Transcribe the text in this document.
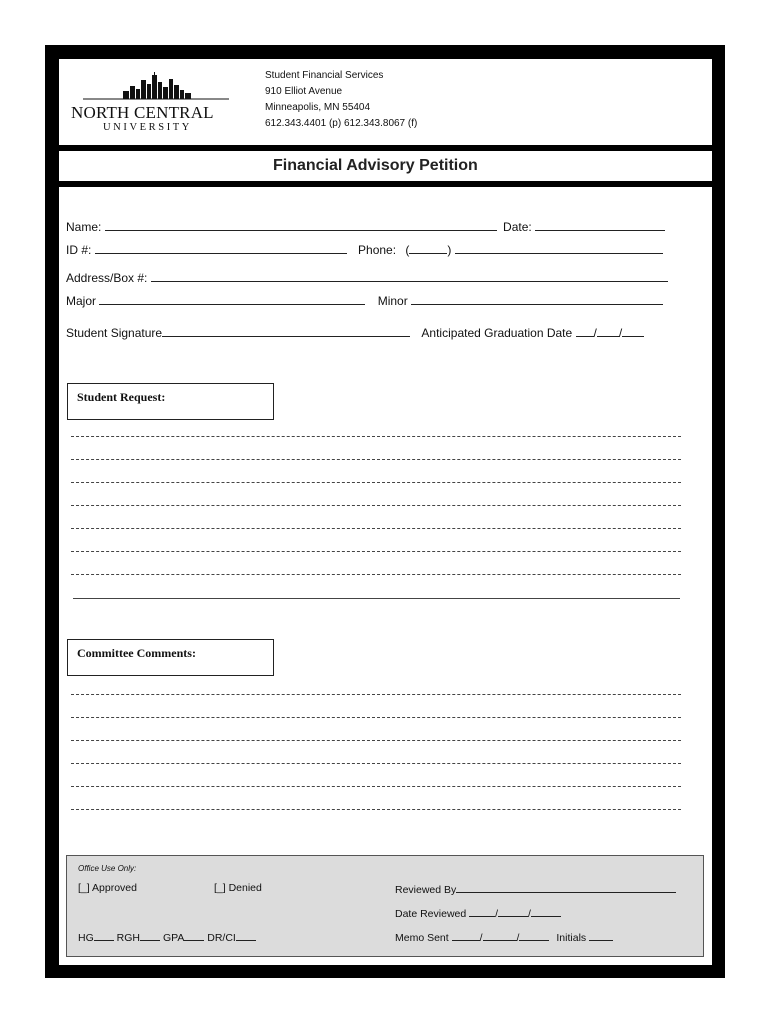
NORTH CENTRAL
UNIVERSITY
Student Financial Services
910 Elliot Avenue
Minneapolis, MN 55404
612.343.4401 (p) 612.343.8067 (f)
Financial Advisory Petition
Name:	Date:
ID #:	Phone: (	)
Address/Box #:
Major	Minor
Student Signature	Anticipated Graduation Date / /
Student Request:
Committee Comments:
Office Use Only:
[_] Approved	[_] Denied	Reviewed By
Date Reviewed	/	/
HG RGH GPA DR/CI	Memo Sent	/	/	Initials
